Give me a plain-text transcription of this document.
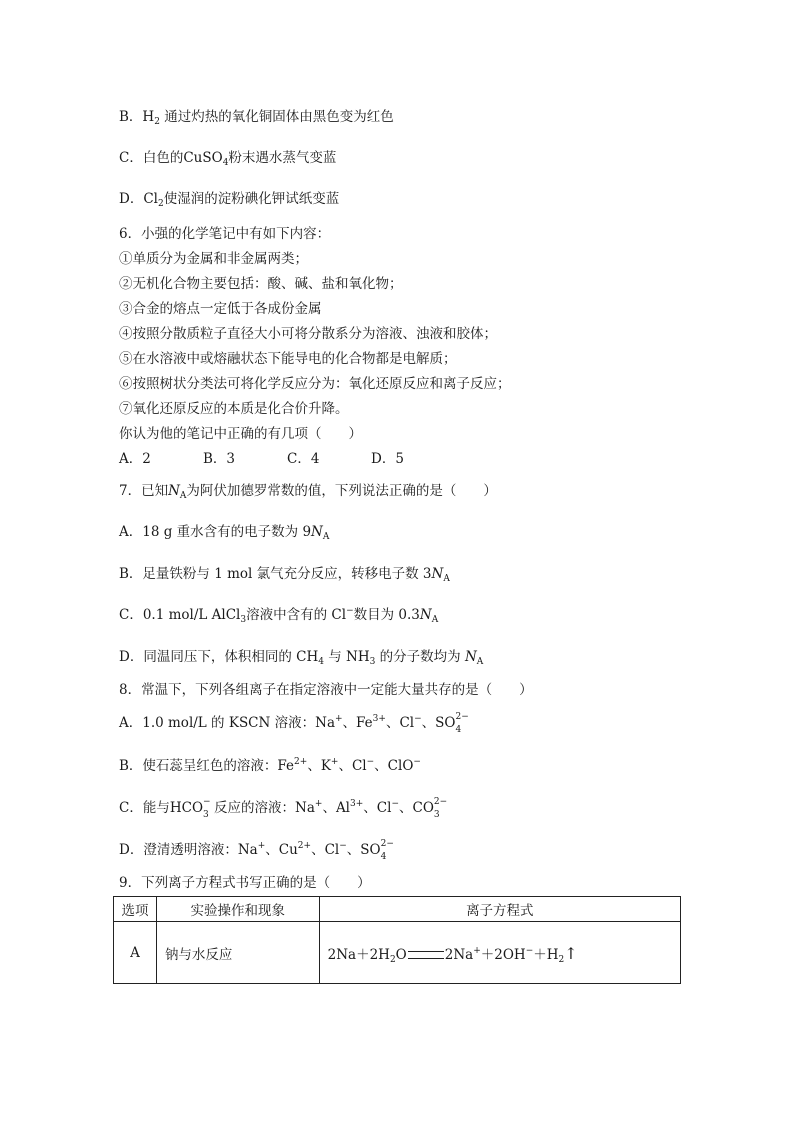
B．$H_2$ 通过灼热的氧化铜固体由黑色变为红色
C．白色的CuSO$_4$粉末遇水蒸气变蓝
D．$Cl_2$使湿润的淀粉碘化钾试纸变蓝
6．小强的化学笔记中有如下内容：
①单质分为金属和非金属两类；
②无机化合物主要包括：酸、碱、盐和氧化物；
③合金的熔点一定低于各成份金属
④按照分散质粒子直径大小可将分散系分为溶液、浊液和胶体；
⑤在水溶液中或熔融状态下能导电的化合物都是电解质；
⑥按照树状分类法可将化学反应分为：氧化还原反应和离子反应；
⑦氧化还原反应的本质是化合价升降。
你认为他的笔记中正确的有几项（　　）
A．2	B．3	C．4	D．5
7．已知$N_A$为阿伏加德罗常数的值，下列说法正确的是（　　）
A．18 g 重水含有的电子数为 $9N_A$
B．足量铁粉与 1 mol 氯气充分反应，转移电子数 $3N_A$
C．0.1 mol/L AlCl$_3$溶液中含有的 Cl−数目为 $0.3N_A$
D．同温同压下，体积相同的 $CH_4$ 与 $NH_3$ 的分子数均为 $N_A$
8．常温下，下列各组离子在指定溶液中一定能大量共存的是（　　）
A．1.0 mol/L 的 KSCN 溶液：Na+、$Fe^{3+}$、Cl−、SO 2−
4
B．使石蕊呈红色的溶液：$Fe^{2+}$、K+、Cl−、ClO−
C．能与HCO −
3 反应的溶液：Na+、$Al^{3+}$、Cl−、CO 2−
3
D．澄清透明溶液：Na+、$Cu^{2+}$、Cl−、SO 2−
4
9．下列离子方程式书写正确的是（　　）
选项	实验操作和现象	离子方程式
A	钠与水反应	$2Na+2H_2O$ $2Na^++2OH^-+H_2↑$
